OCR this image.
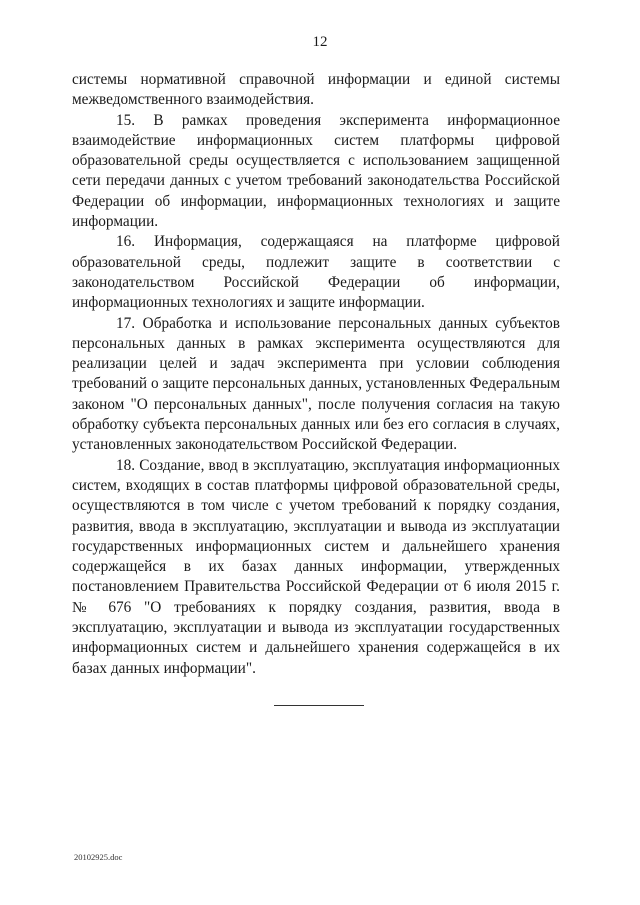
12

системы нормативной справочной информации и единой системы межведомственного взаимодействия.

15. В рамках проведения эксперимента информационное взаимодействие информационных систем платформы цифровой образовательной среды осуществляется с использованием защищенной сети передачи данных с учетом требований законодательства Российской Федерации об информации, информационных технологиях и защите информации.

16. Информация, содержащаяся на платформе цифровой образовательной среды, подлежит защите в соответствии с законодательством Российской Федерации об информации, информационных технологиях и защите информации.

17. Обработка и использование персональных данных субъектов персональных данных в рамках эксперимента осуществляются для реализации целей и задач эксперимента при условии соблюдения требований о защите персональных данных, установленных Федеральным законом "О персональных данных", после получения согласия на такую обработку субъекта персональных данных или без его согласия в случаях, установленных законодательством Российской Федерации.

18. Создание, ввод в эксплуатацию, эксплуатация информационных систем, входящих в состав платформы цифровой образовательной среды, осуществляются в том числе с учетом требований к порядку создания, развития, ввода в эксплуатацию, эксплуатации и вывода из эксплуатации государственных информационных систем и дальнейшего хранения содержащейся в их базах данных информации, утвержденных постановлением Правительства Российской Федерации от 6 июля 2015 г. № 676 "О требованиях к порядку создания, развития, ввода в эксплуатацию, эксплуатации и вывода из эксплуатации государственных информационных систем и дальнейшего хранения содержащейся в их базах данных информации".

20102925.doc
